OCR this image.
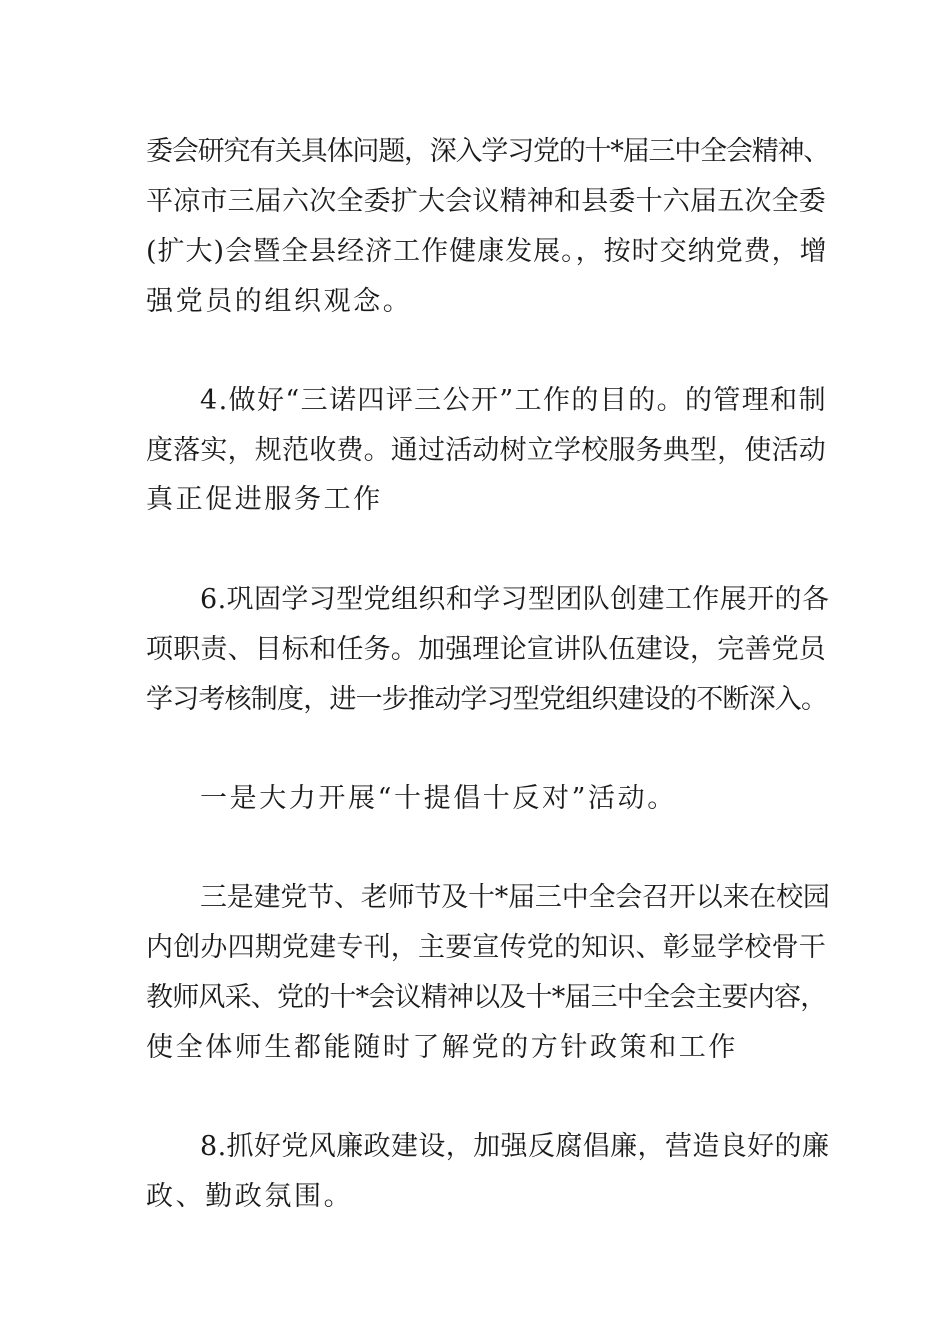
委会研究有关具体问题，深入学习党的十*届三中全会精神、

平凉市三届六次全委扩大会议精神和县委十六届五次全委

(扩大)会暨全县经济工作健康发展。，按时交纳党费，增

强党员的组织观念。

4.做好“三诺四评三公开”工作的目的。的管理和制

度落实，规范收费。通过活动树立学校服务典型，使活动

真正促进服务工作

6.巩固学习型党组织和学习型团队创建工作展开的各

项职责、目标和任务。加强理论宣讲队伍建设，完善党员

学习考核制度，进一步推动学习型党组织建设的不断深入。

一是大力开展“十提倡十反对”活动。

三是建党节、老师节及十*届三中全会召开以来在校园

内创办四期党建专刊，主要宣传党的知识、彰显学校骨干

教师风采、党的十*会议精神以及十*届三中全会主要内容，

使全体师生都能随时了解党的方针政策和工作

8.抓好党风廉政建设，加强反腐倡廉，营造良好的廉

政、勤政氛围。
